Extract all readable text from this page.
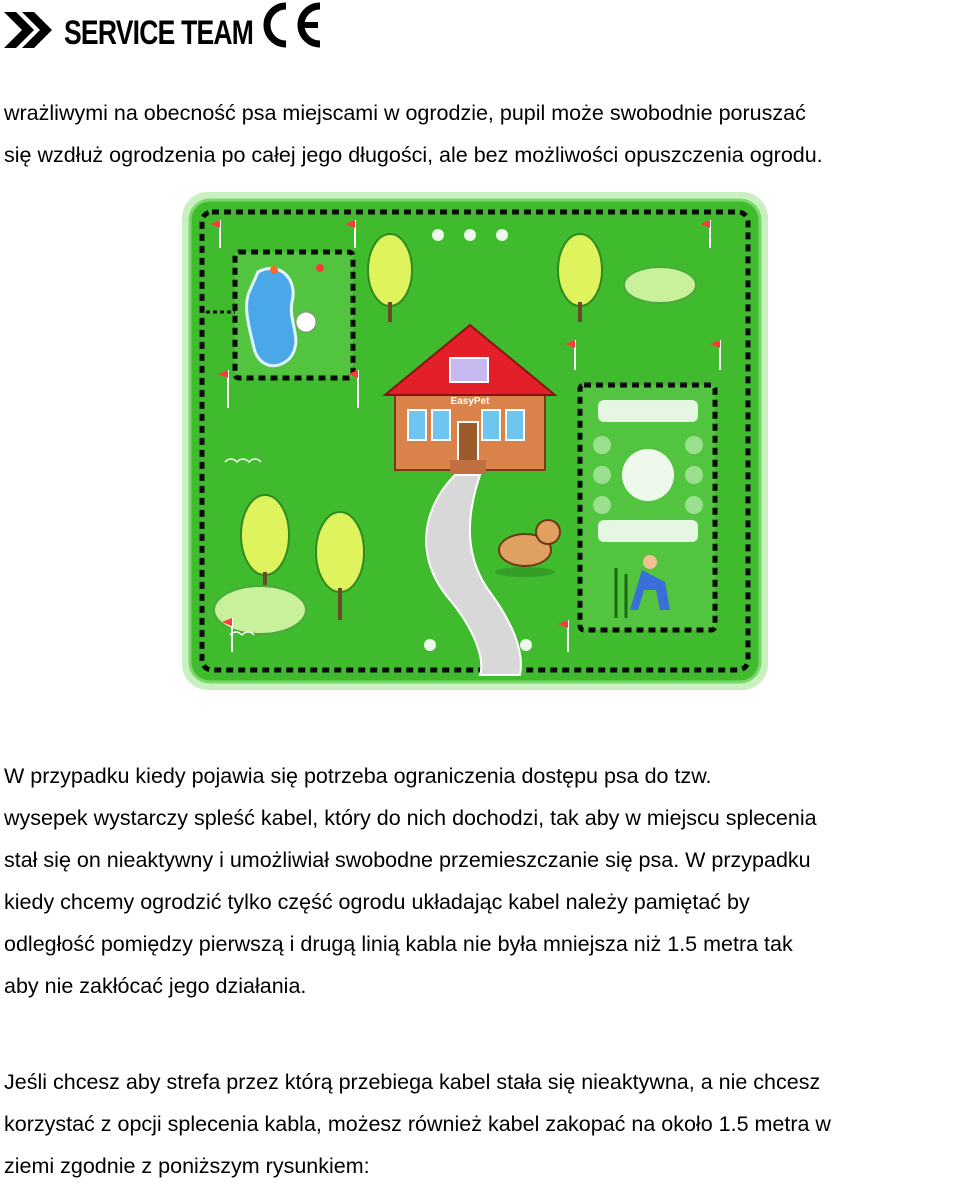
SERVICE TEAM

wrażliwymi na obecność psa miejscami w ogrodzie, pupil może swobodnie poruszać
się wzdłuż ogrodzenia po całej jego długości, ale bez możliwości opuszczenia ogrodu.

EasyPet

W przypadku kiedy pojawia się potrzeba ograniczenia dostępu psa do tzw.
wysepek wystarczy spleść kabel, który do nich dochodzi, tak aby w miejscu splecenia
stał się on nieaktywny i umożliwiał swobodne przemieszczanie się psa. W przypadku
kiedy chcemy ogrodzić tylko część ogrodu układając kabel należy pamiętać by
odległość pomiędzy pierwszą i drugą linią kabla nie była mniejsza niż 1.5 metra tak
aby nie zakłócać jego działania.

Jeśli chcesz aby strefa przez którą przebiega kabel stała się nieaktywna, a nie chcesz
korzystać z opcji splecenia kabla, możesz również kabel zakopać na około 1.5 metra w
ziemi zgodnie z poniższym rysunkiem:
